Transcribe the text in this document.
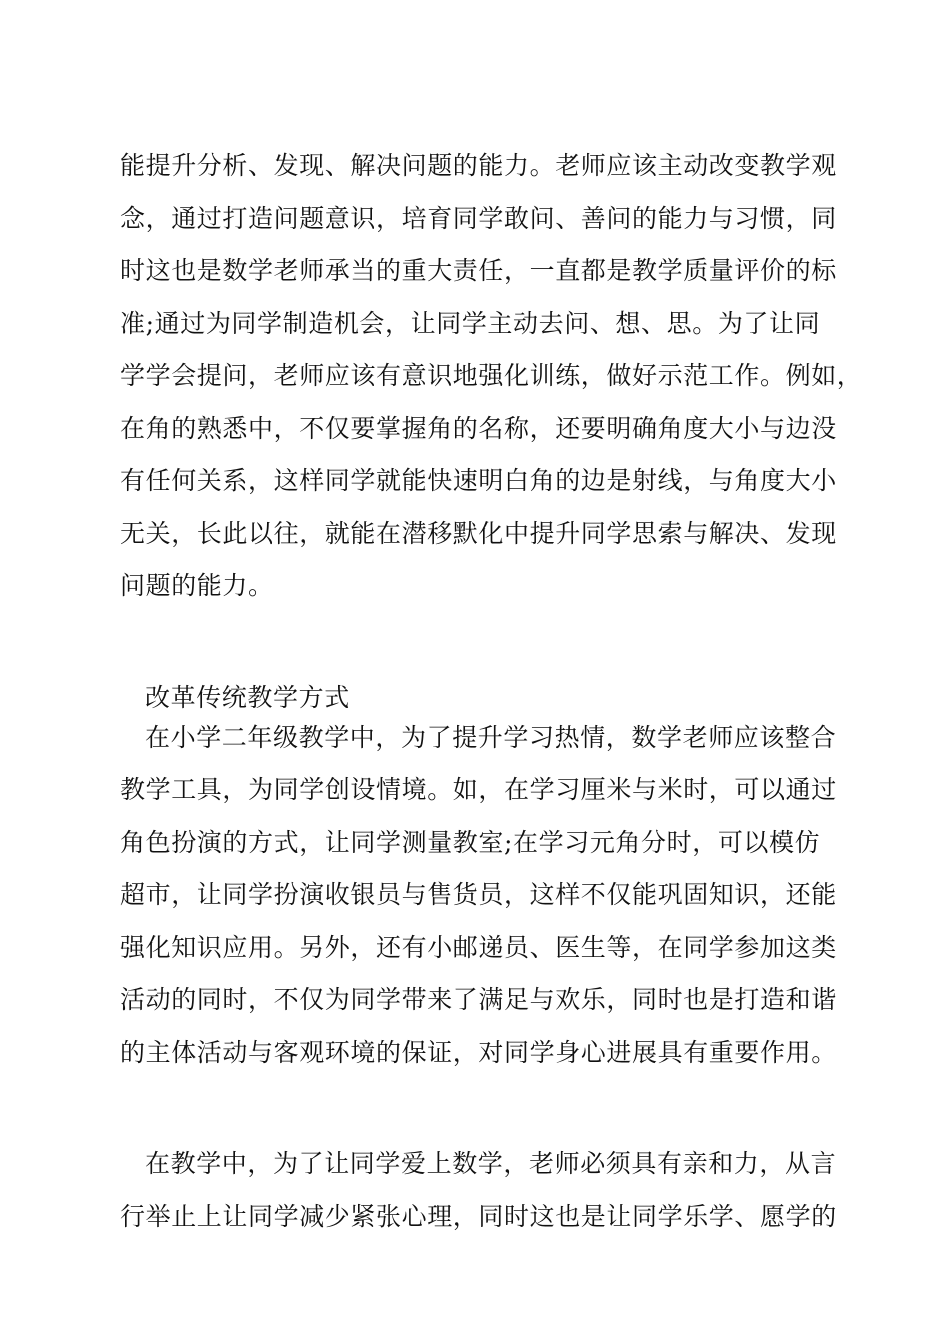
能提升分析、发现、解决问题的能力。老师应该主动改变教学观
念，通过打造问题意识，培育同学敢问、善问的能力与习惯，同
时这也是数学老师承当的重大责任，一直都是教学质量评价的标
准;通过为同学制造机会，让同学主动去问、想、思。为了让同
学学会提问，老师应该有意识地强化训练，做好示范工作。例如，
在角的熟悉中，不仅要掌握角的名称，还要明确角度大小与边没
有任何关系，这样同学就能快速明白角的边是射线，与角度大小
无关，长此以往，就能在潜移默化中提升同学思索与解决、发现
问题的能力。
改革传统教学方式
在小学二年级教学中，为了提升学习热情，数学老师应该整合
教学工具，为同学创设情境。如，在学习厘米与米时，可以通过
角色扮演的方式，让同学测量教室;在学习元角分时，可以模仿
超市，让同学扮演收银员与售货员，这样不仅能巩固知识，还能
强化知识应用。另外，还有小邮递员、医生等，在同学参加这类
活动的同时，不仅为同学带来了满足与欢乐，同时也是打造和谐
的主体活动与客观环境的保证，对同学身心进展具有重要作用。
在教学中，为了让同学爱上数学，老师必须具有亲和力，从言
行举止上让同学减少紧张心理，同时这也是让同学乐学、愿学的
